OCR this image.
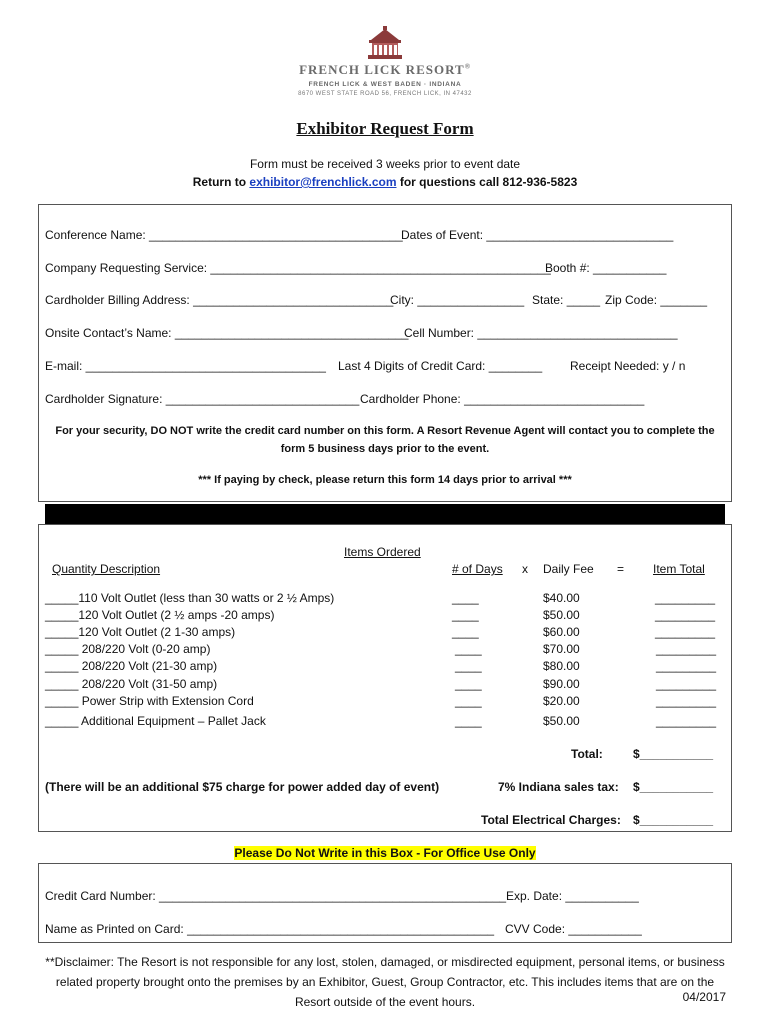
FRENCH LICK RESORT®
FRENCH LICK & WEST BADEN · INDIANA
8670 WEST STATE ROAD 56, FRENCH LICK, IN 47432
Exhibitor Request Form
Form must be received 3 weeks prior to event date
Return to exhibitor@frenchlick.com for questions call 812-936-5823
Conference Name: ______________________________________
Dates of Event: ____________________________
Company Requesting Service: ___________________________________________________
Booth #: ___________
Cardholder Billing Address: ______________________________
City: ________________ State: _____ Zip Code: _______
Onsite Contact’s Name: ___________________________________
Cell Number: ______________________________
E-mail: ____________________________________ Last 4 Digits of Credit Card: ________ Receipt Needed: y / n
Cardholder Signature: _____________________________ Cardholder Phone: ___________________________
For your security, DO NOT write the credit card number on this form. A Resort Revenue Agent will contact you to complete the
form 5 business days prior to the event.
*** If paying by check, please return this form 14 days prior to arrival ***
Items Ordered
Quantity Description	# of Days x Daily Fee = Item Total
_____110 Volt Outlet (less than 30 watts or 2 ½ Amps)	____	$40.00	_________
_____120 Volt Outlet (2 ½ amps -20 amps)	____	$50.00	_________
_____120 Volt Outlet (2 1-30 amps)	____	$60.00	_________
_____ 208/220 Volt (0-20 amp)	____	$70.00	_________
_____ 208/220 Volt (21-30 amp)	____	$80.00	_________
_____ 208/220 Volt (31-50 amp)	____	$90.00	_________
_____ Power Strip with Extension Cord	____	$20.00	_________
_____ Additional Equipment – Pallet Jack	____	$50.00	_________
Total:	$___________
(There will be an additional $75 charge for power added day of event)	7% Indiana sales tax: $___________
Total Electrical Charges: $___________
Please Do Not Write in this Box - For Office Use Only
Credit Card Number: ____________________________________________________ Exp. Date: ___________
Name as Printed on Card: ______________________________________________ CVV Code: ___________
**Disclaimer: The Resort is not responsible for any lost, stolen, damaged, or misdirected equipment, personal items, or business related property brought onto the premises by an Exhibitor, Guest, Group Contractor, etc. This includes items that are on the Resort outside of the event hours.	04/2017
